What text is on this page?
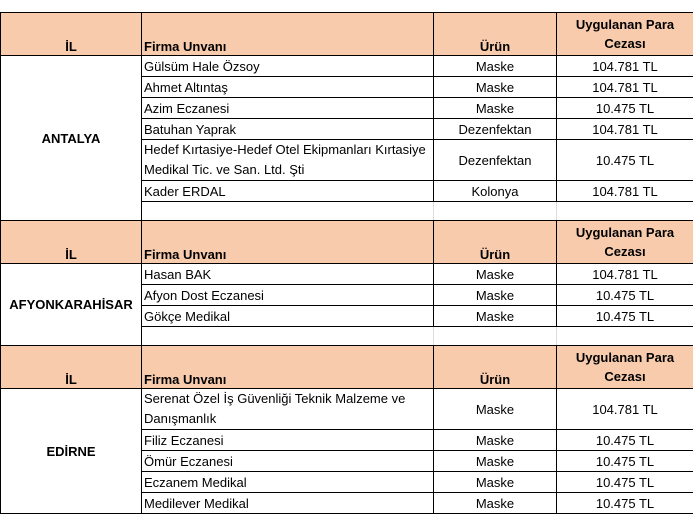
İL	Firma Unvanı	Ürün	Uygulanan Para
Cezası
ANTALYA	Gülsüm Hale Özsoy	Maske	104.781 TL
	Ahmet Altıntaş	Maske	104.781 TL
	Azim Eczanesi	Maske	10.475 TL
	Batuhan Yaprak	Dezenfektan	104.781 TL
	Hedef Kırtasiye-Hedef Otel Ekipmanları Kırtasiye Medikal Tic. ve San. Ltd. Şti	Dezenfektan	10.475 TL
	Kader ERDAL	Kolonya	104.781 TL

İL	Firma Unvanı	Ürün	Uygulanan Para
Cezası
AFYONKARAHİSAR	Hasan BAK	Maske	104.781 TL
	Afyon Dost Eczanesi	Maske	10.475 TL
	Gökçe Medikal	Maske	10.475 TL

İL	Firma Unvanı	Ürün	Uygulanan Para
Cezası
EDİRNE	Serenat Özel İş Güvenliği Teknik Malzeme ve Danışmanlık	Maske	104.781 TL
	Filiz Eczanesi	Maske	10.475 TL
	Ömür Eczanesi	Maske	10.475 TL
	Eczanem Medikal	Maske	10.475 TL
	Medilever Medikal	Maske	10.475 TL
